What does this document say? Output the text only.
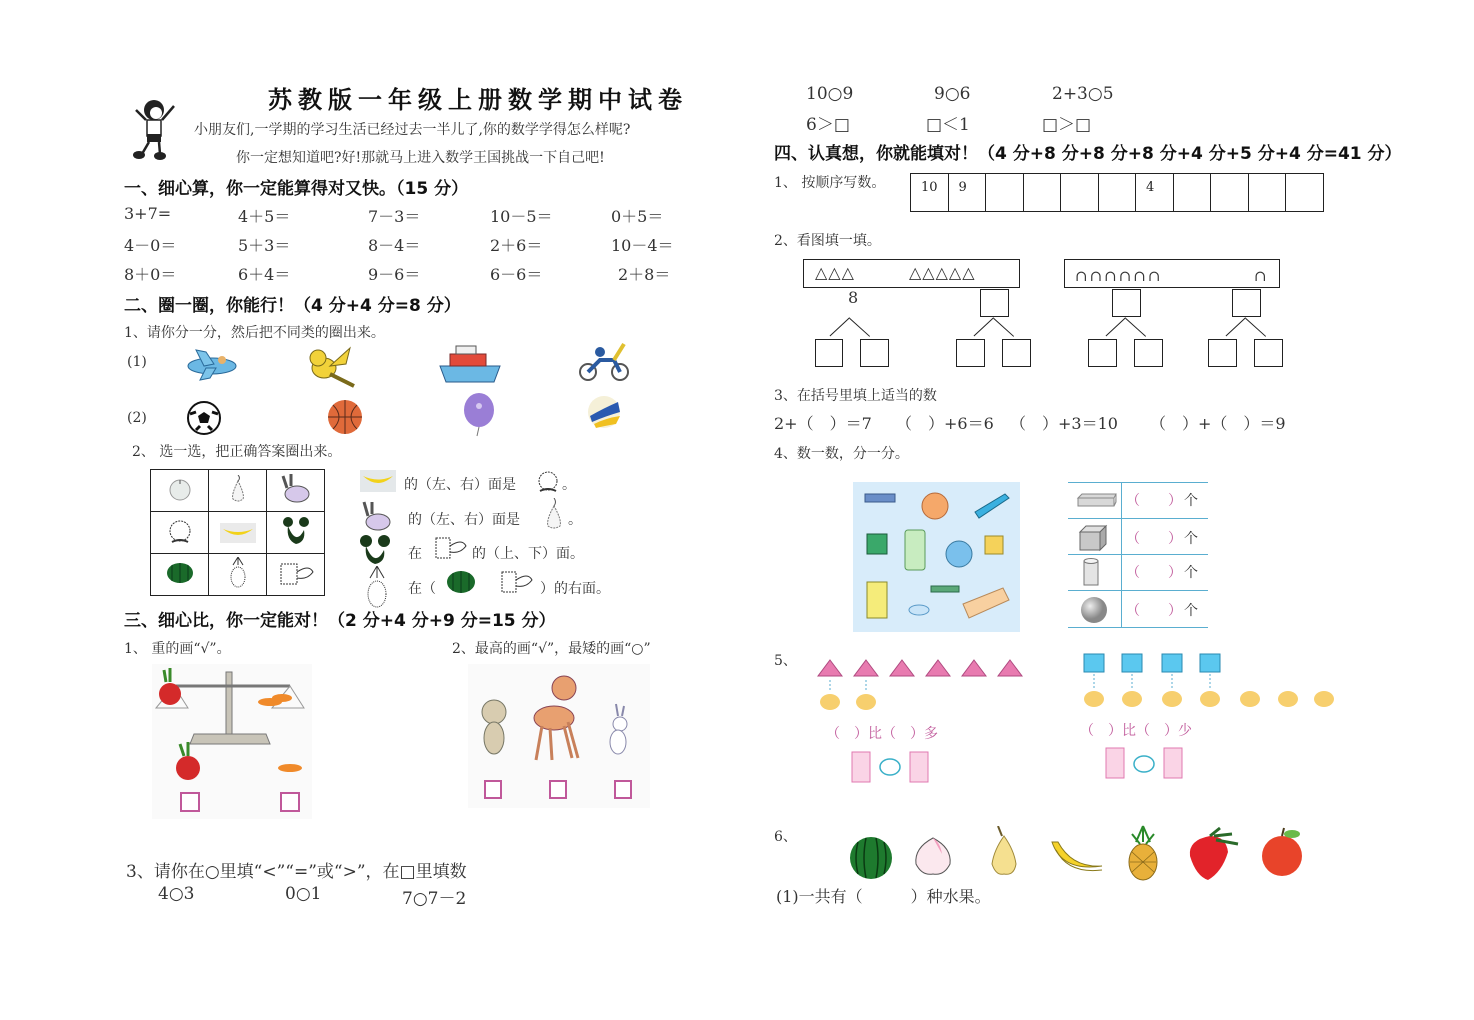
苏教版一年级上册数学期中试卷
小朋友们,一学期的学习生活已经过去一半儿了,你的数学学得怎么样呢?
你一定想知道吧?好!那就马上进入数学王国挑战一下自己吧!
一、细心算，你一定能算得对又快。（15 分）
3+7=	4＋5＝	7－3＝	10－5＝	0＋5＝
4－0＝	5＋3＝	8－4＝	2＋6＝	10－4＝
8＋0＝	6＋4＝	9－6＝	6－6＝	2＋8＝
二、圈一圈，你能行！（4 分+4 分=8 分）
1、请你分一分，然后把不同类的圈出来。
(1)
(2)
2、 选一选，把正确答案圈出来。

的（左、右）面是	。
的（左、右）面是	。
在	的（上、下）面。
在（	）的右面。
三、细心比，你一定能对！（2 分+4 分+9 分=15 分）
1、 重的画“√”。	2、最高的画“√”，最矮的画“○”
3、请你在○里填“<”“=”或“>”，在□里填数
4○3	0○1	7○7－2
10○9	9○6	2+3○5
6＞□	□＜1	□＞□
四、认真想，你就能填对！（4 分+8 分+8 分+8 分+4 分+5 分+4 分=41 分）
1、 按顺序写数。	10	9					4				
2、看图填一填。
△△△	△△△△△
8
∩∩∩∩∩∩	∩
3、在括号里填上适当的数
2+（　）＝7 （　）+6＝6 （　）+3＝10 （　）+（　）＝9
4、数一数，分一分。
（　　） 个
（　　） 个
（　　） 个
（　　） 个
5、
（　）比（　）多	（　）比（　）少
6、
(1)一共有（　　　）种水果。
